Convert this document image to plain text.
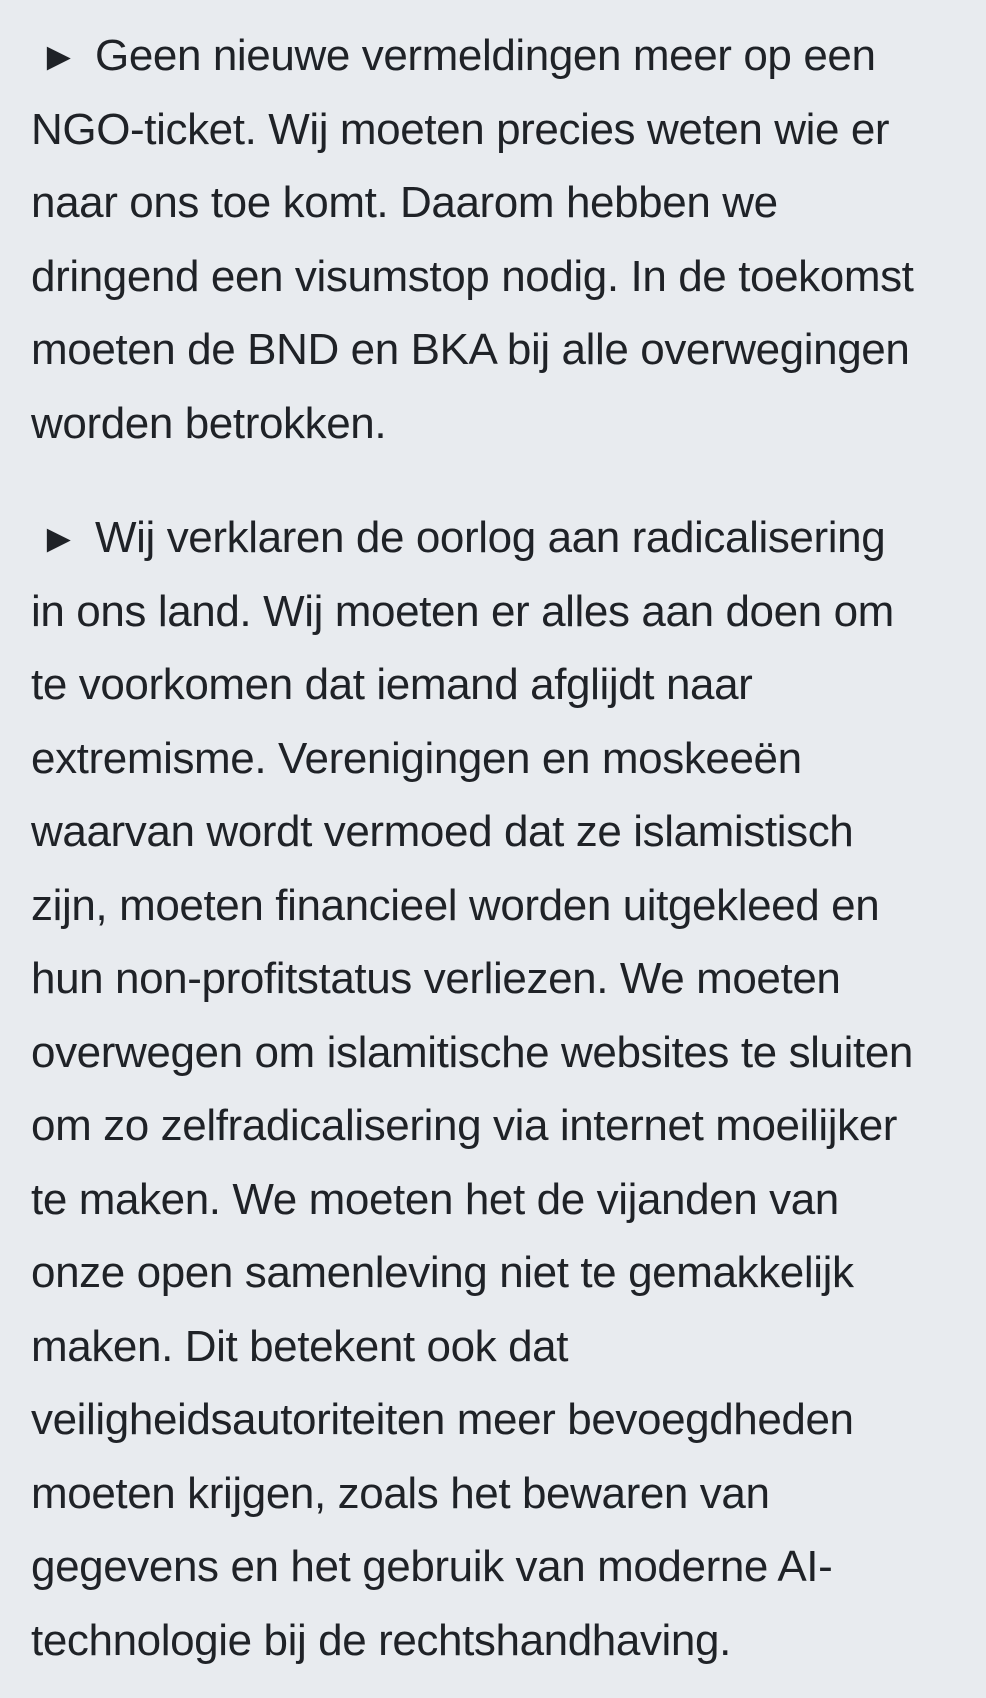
► Geen nieuwe vermeldingen meer op een
NGO-ticket. Wij moeten precies weten wie er
naar ons toe komt. Daarom hebben we
dringend een visumstop nodig. In de toekomst
moeten de BND en BKA bij alle overwegingen
worden betrokken.

► Wij verklaren de oorlog aan radicalisering
in ons land. Wij moeten er alles aan doen om
te voorkomen dat iemand afglijdt naar
extremisme. Verenigingen en moskeeën
waarvan wordt vermoed dat ze islamistisch
zijn, moeten financieel worden uitgekleed en
hun non-profitstatus verliezen. We moeten
overwegen om islamitische websites te sluiten
om zo zelfradicalisering via internet moeilijker
te maken. We moeten het de vijanden van
onze open samenleving niet te gemakkelijk
maken. Dit betekent ook dat
veiligheidsautoriteiten meer bevoegdheden
moeten krijgen, zoals het bewaren van
gegevens en het gebruik van moderne AI-
technologie bij de rechtshandhaving.
